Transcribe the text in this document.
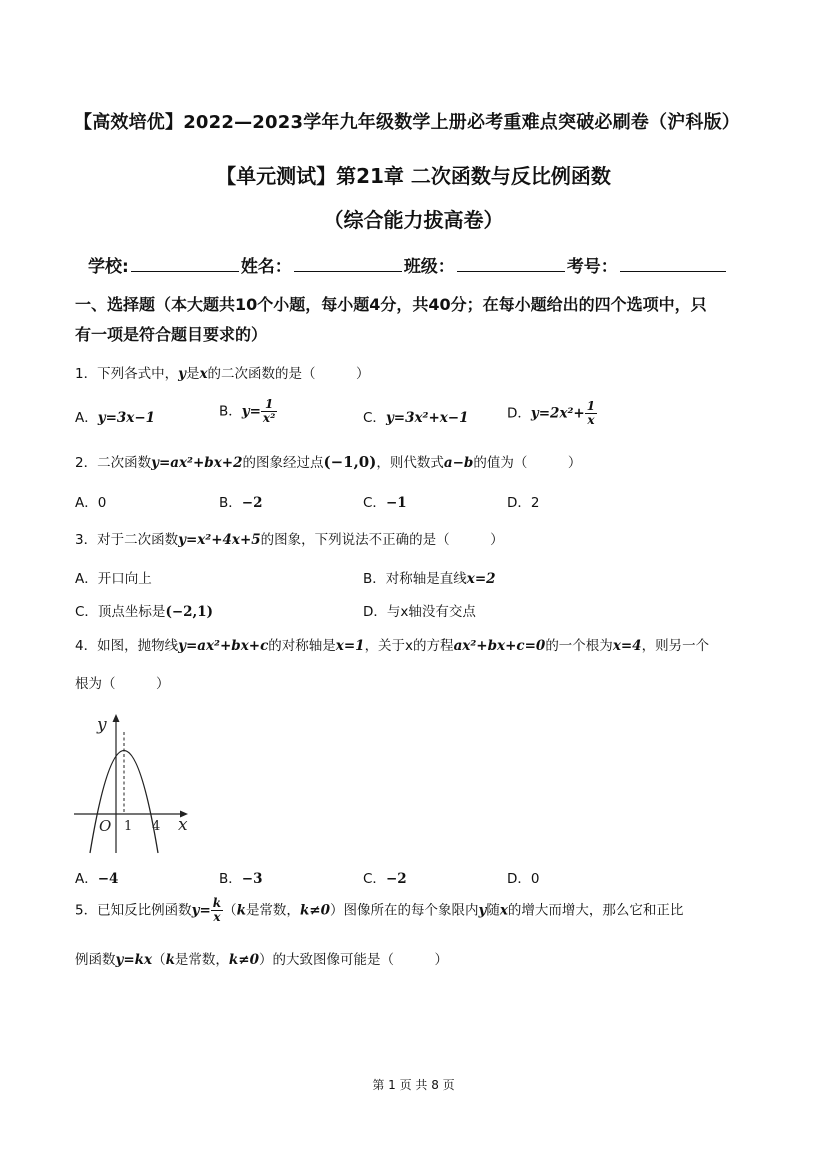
【高效培优】2022—2023学年九年级数学上册必考重难点突破必刷卷（沪科版）
【单元测试】第21章 二次函数与反比例函数
（综合能力拔高卷）
学校:	姓名：	班级：	考号：
一、选择题（本大题共10个小题，每小题4分，共40分；在每小题给出的四个选项中，只
有一项是符合题目要求的）
1．下列各式中，y是x的二次函数的是（　　　）
A．y=3x−1	B．$y= \frac{1}{\text{x²}}$	C．y=3x²+x−1	D．$y=2x^2+ \frac{1}{x}$
2．二次函数y=ax²+bx+2的图象经过点(−1,0)，则代数式a−b的值为（　　　）
A．0	B．−2	C．−1	D．2
3．对于二次函数y=x²+4x+5的图象，下列说法不正确的是（　　　）
A．开口向上	B．对称轴是直线x=2
C．顶点坐标是(−2,1)	D．与x轴没有交点
4．如图，抛物线y=ax²+bx+c的对称轴是x=1，关于x的方程ax²+bx+c=0的一个根为x=4，则另一个
根为（　　　）
y
x
O 1 4
A．−4	B．−3	C．−2	D．0
5．已知反比例函数$y= \frac{k}{x} (k$是常数，k≠0）图像所在的每个象限内y随x的增大而增大，那么它和正比
例函数y=kx（k是常数，k≠0）的大致图像可能是（　　　）
第 1 页 共 8 页
